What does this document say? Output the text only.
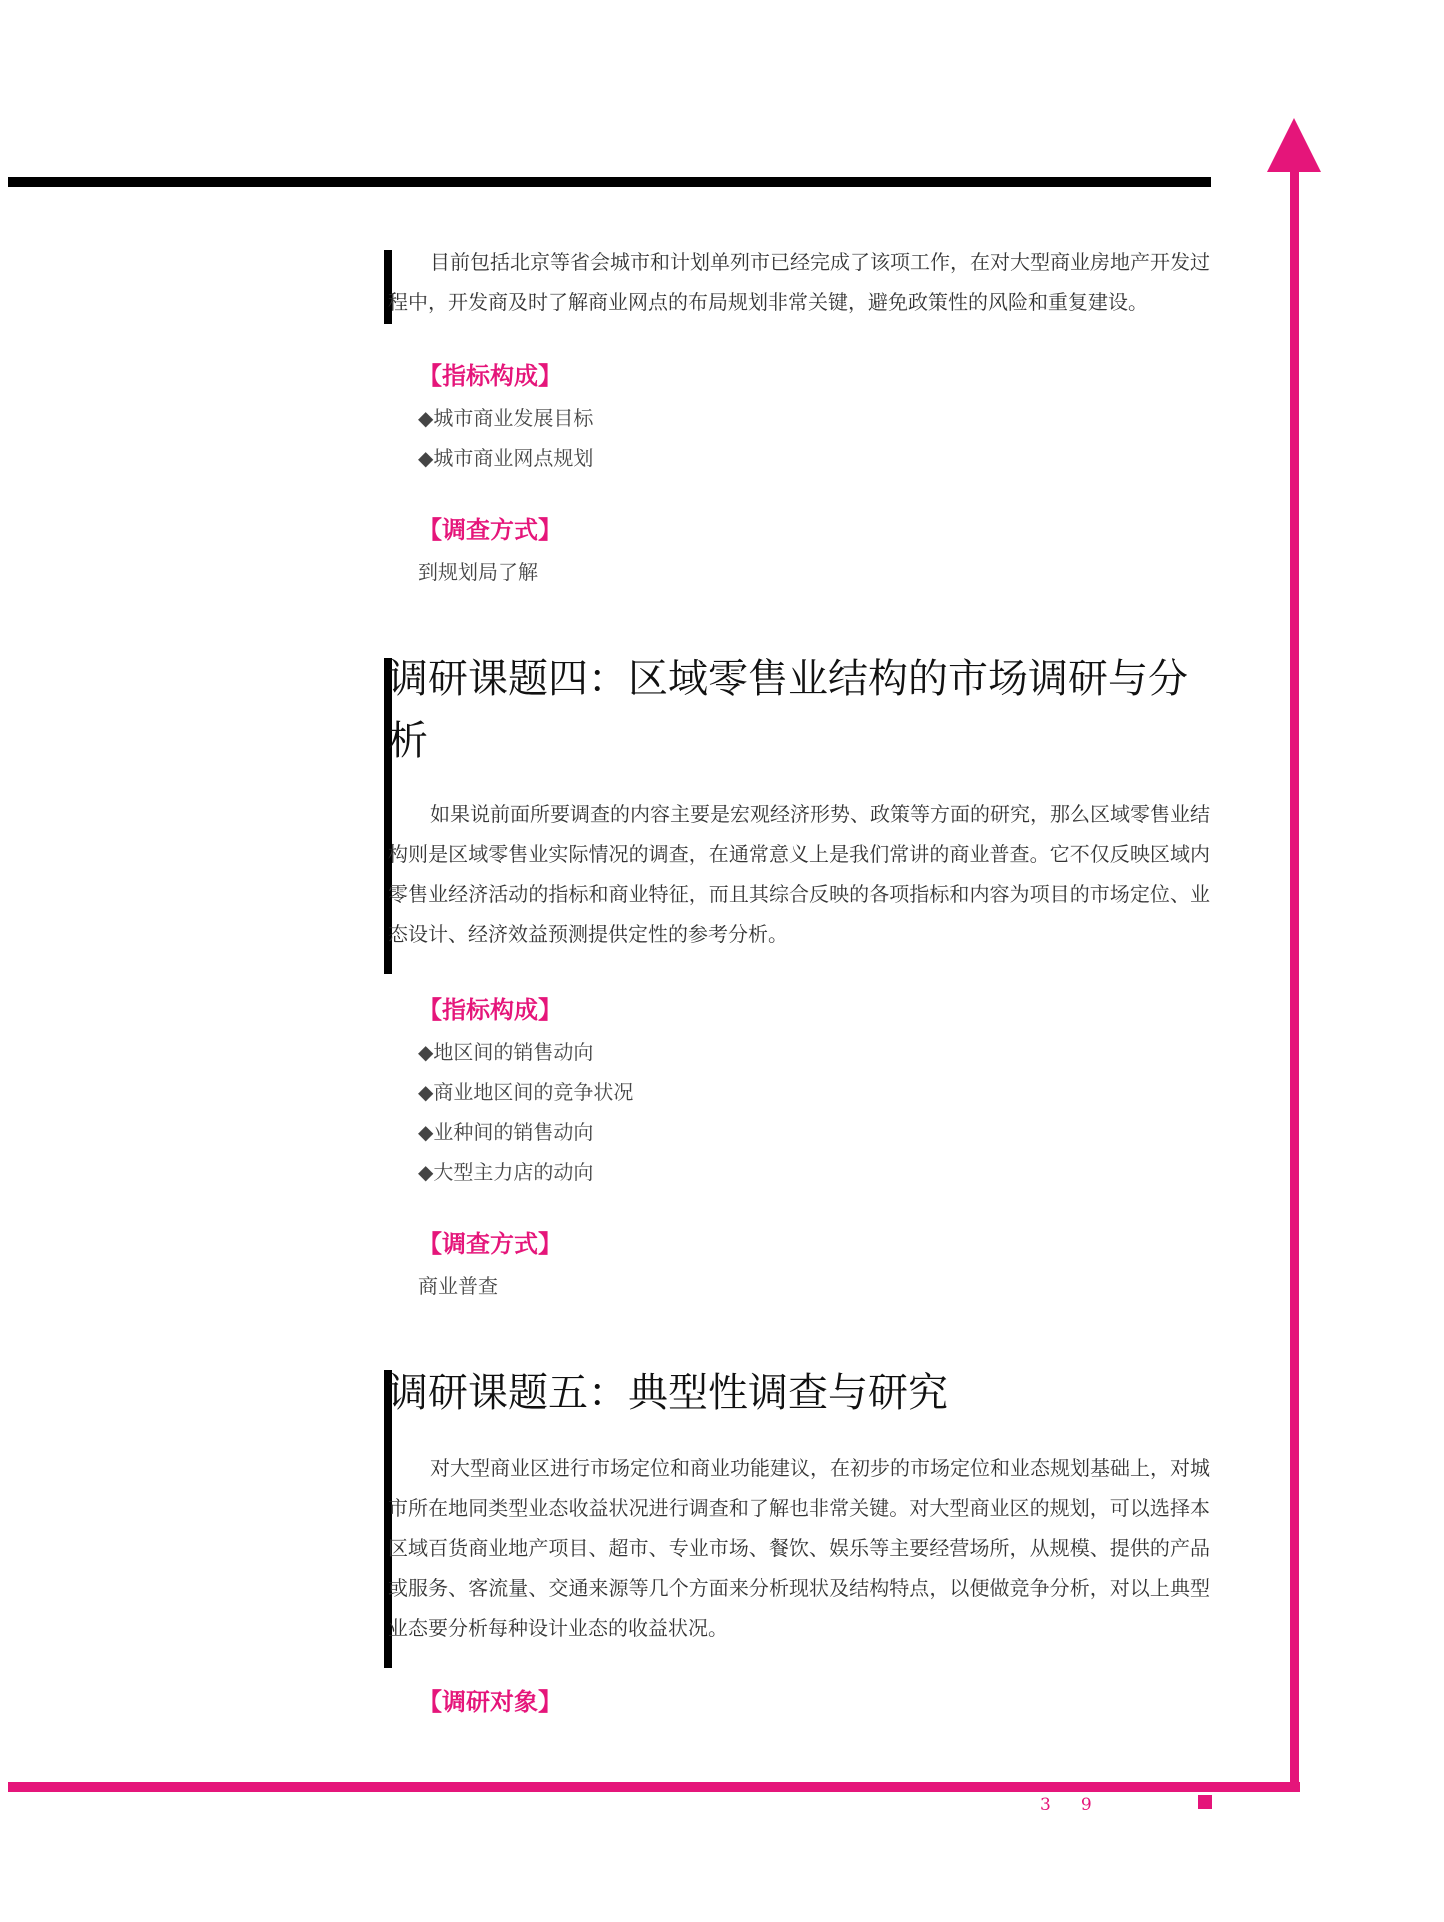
目前包括北京等省会城市和计划单列市已经完成了该项工作，在对大型商业房地产开发过程中，开发商及时了解商业网点的布局规划非常关键，避免政策性的风险和重复建设。

【指标构成】

◆城市商业发展目标

◆城市商业网点规划

【调查方式】

到规划局了解

调研课题四：区域零售业结构的市场调研与分析

如果说前面所要调查的内容主要是宏观经济形势、政策等方面的研究，那么区域零售业结构则是区域零售业实际情况的调查，在通常意义上是我们常讲的商业普查。它不仅反映区域内零售业经济活动的指标和商业特征，而且其综合反映的各项指标和内容为项目的市场定位、业态设计、经济效益预测提供定性的参考分析。

【指标构成】

◆地区间的销售动向

◆商业地区间的竞争状况

◆业种间的销售动向

◆大型主力店的动向

【调查方式】

商业普查

调研课题五：典型性调查与研究

对大型商业区进行市场定位和商业功能建议，在初步的市场定位和业态规划基础上，对城市所在地同类型业态收益状况进行调查和了解也非常关键。对大型商业区的规划，可以选择本区域百货商业地产项目、超市、专业市场、餐饮、娱乐等主要经营场所，从规模、提供的产品或服务、客流量、交通来源等几个方面来分析现状及结构特点，以便做竞争分析，对以上典型业态要分析每种设计业态的收益状况。

【调研对象】

39
